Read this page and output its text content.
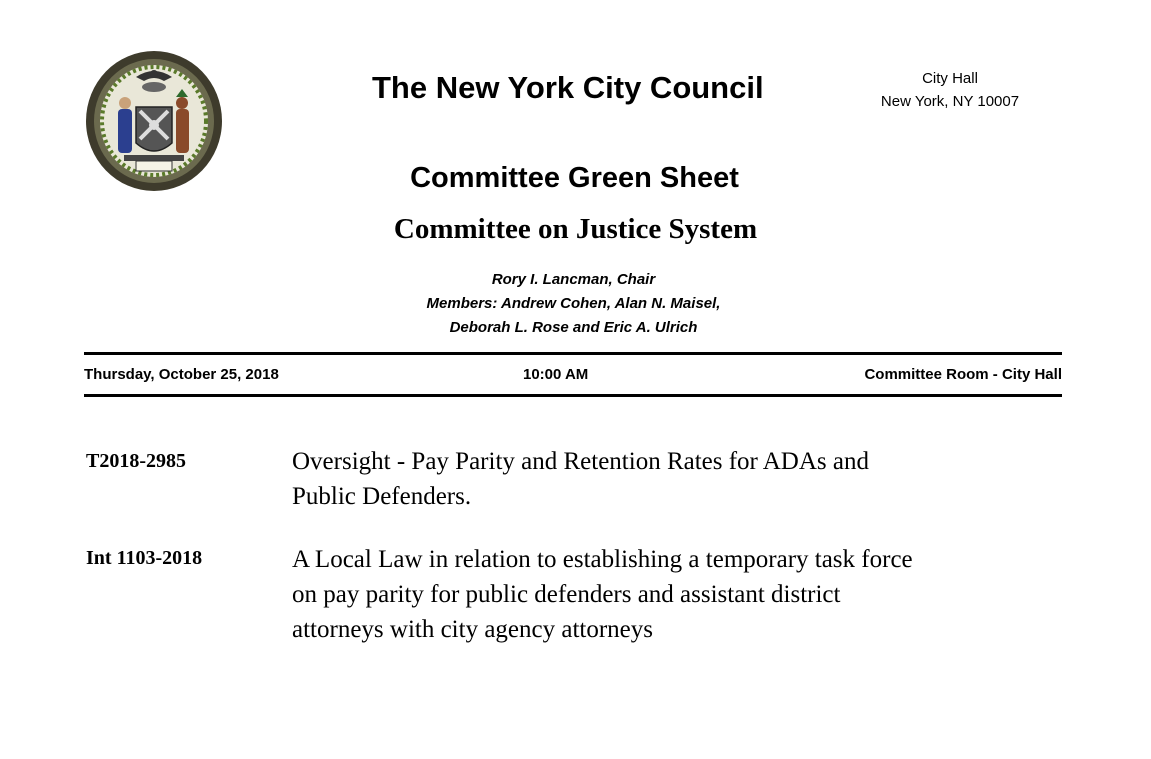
The New York City Council	City Hall
New York, NY 10007
Committee Green Sheet
Committee on Justice System
Rory I. Lancman, Chair
Members: Andrew Cohen, Alan N. Maisel,
Deborah L. Rose and Eric A. Ulrich
Thursday, October 25, 2018	10:00 AM	Committee Room - City Hall
T2018-2985	Oversight - Pay Parity and Retention Rates for ADAs and
Public Defenders.
Int 1103-2018	A Local Law in relation to establishing a temporary task force
on pay parity for public defenders and assistant district
attorneys with city agency attorneys
